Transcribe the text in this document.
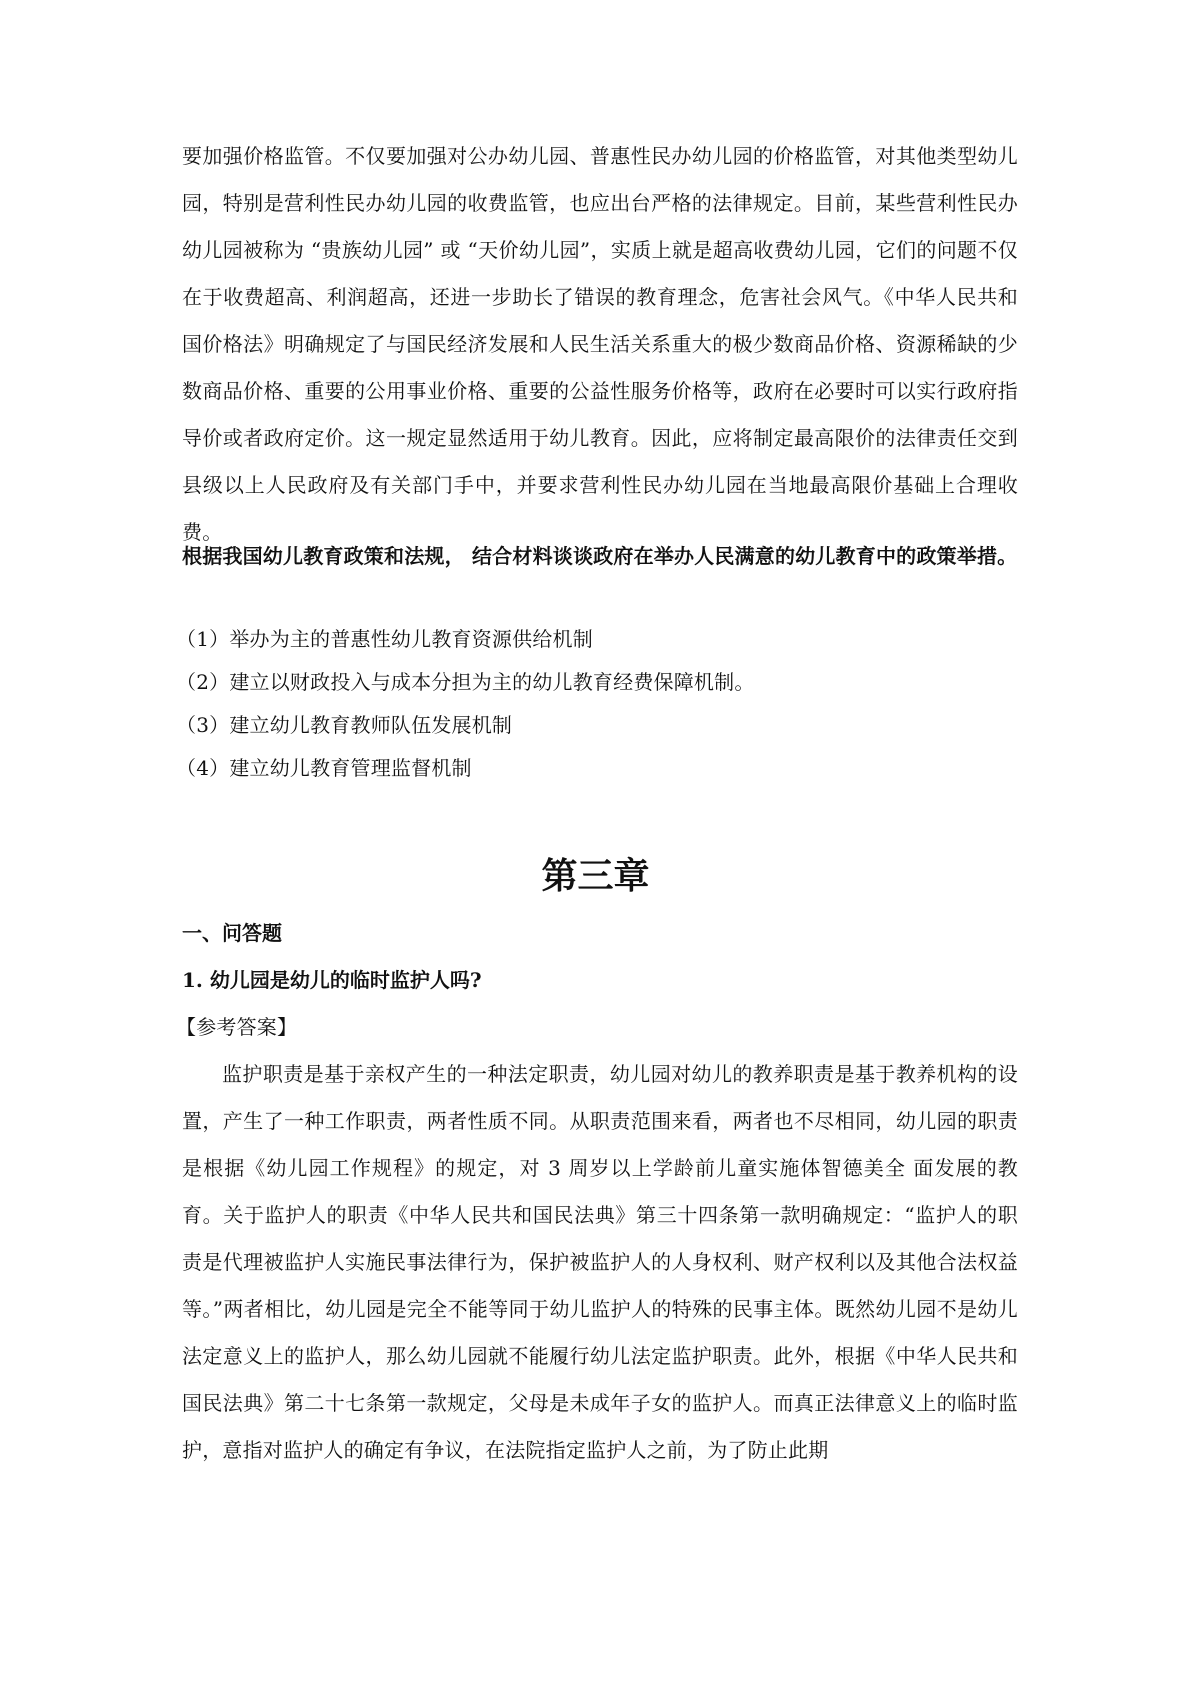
要加强价格监管。不仅要加强对公办幼儿园、普惠性民办幼儿园的价格监管，对其他类型幼儿园，特别是营利性民办幼儿园的收费监管，也应出台严格的法律规定。目前，某些营利性民办幼儿园被称为 “贵族幼儿园” 或 “天价幼儿园”，实质上就是超高收费幼儿园，它们的问题不仅在于收费超高、利润超高，还进一步助长了错误的教育理念，危害社会风气。《中华人民共和国价格法》明确规定了与国民经济发展和人民生活关系重大的极少数商品价格、资源稀缺的少数商品价格、重要的公用事业价格、重要的公益性服务价格等，政府在必要时可以实行政府指导价或者政府定价。这一规定显然适用于幼儿教育。因此，应将制定最高限价的法律责任交到县级以上人民政府及有关部门手中，并要求营利性民办幼儿园在当地最高限价基础上合理收费。

根据我国幼儿教育政策和法规， 结合材料谈谈政府在举办人民满意的幼儿教育中的政策举措。

（1）举办为主的普惠性幼儿教育资源供给机制

（2）建立以财政投入与成本分担为主的幼儿教育经费保障机制。

（3）建立幼儿教育教师队伍发展机制

（4）建立幼儿教育管理监督机制

第三章

一、问答题

1. 幼儿园是幼儿的临时监护人吗?

【参考答案】

监护职责是基于亲权产生的一种法定职责，幼儿园对幼儿的教养职责是基于教养机构的设置，产生了一种工作职责，两者性质不同。从职责范围来看，两者也不尽相同，幼儿园的职责是根据《幼儿园工作规程》的规定，对 3 周岁以上学龄前儿童实施体智德美全 面发展的教育。关于监护人的职责《中华人民共和国民法典》第三十四条第一款明确规定：“监护人的职责是代理被监护人实施民事法律行为，保护被监护人的人身权利、财产权利以及其他合法权益等。”两者相比，幼儿园是完全不能等同于幼儿监护人的特殊的民事主体。既然幼儿园不是幼儿法定意义上的监护人，那么幼儿园就不能履行幼儿法定监护职责。此外，根据《中华人民共和国民法典》第二十七条第一款规定，父母是未成年子女的监护人。而真正法律意义上的临时监护，意指对监护人的确定有争议，在法院指定监护人之前，为了防止此期
